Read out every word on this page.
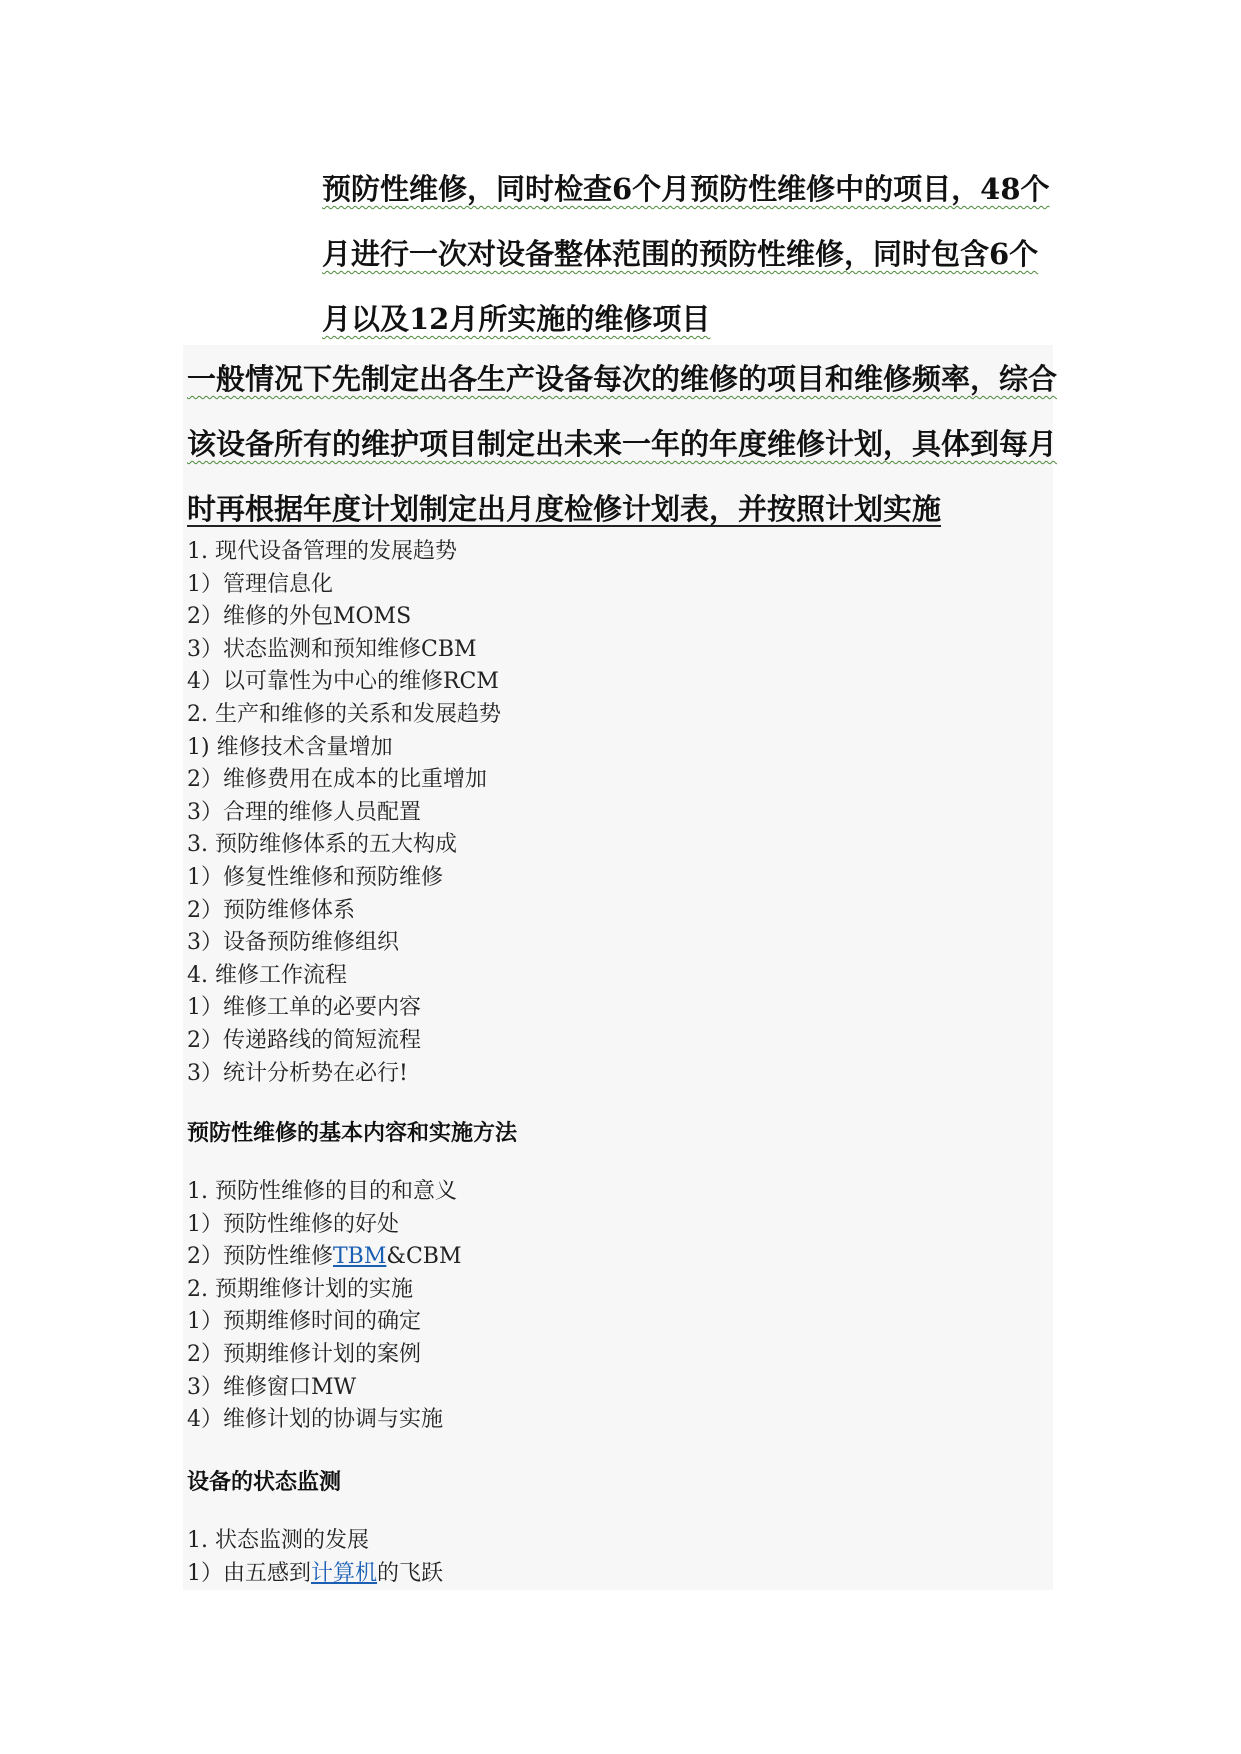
预防性维修，同时检查6个月预防性维修中的项目，48个
月进行一次对设备整体范围的预防性维修，同时包含6个
月以及12月所实施的维修项目
一般情况下先制定出各生产设备每次的维修的项目和维修频率，综合
该设备所有的维护项目制定出未来一年的年度维修计划，具体到每月
时再根据年度计划制定出月度检修计划表，并按照计划实施
1. 现代设备管理的发展趋势
1）管理信息化
2）维修的外包MOMS
3）状态监测和预知维修CBM
4）以可靠性为中心的维修RCM
2. 生产和维修的关系和发展趋势
1) 维修技术含量增加
2）维修费用在成本的比重增加
3）合理的维修人员配置
3. 预防维修体系的五大构成
1）修复性维修和预防维修
2）预防维修体系
3）设备预防维修组织
4. 维修工作流程
1）维修工单的必要内容
2）传递路线的简短流程
3）统计分析势在必行!
预防性维修的基本内容和实施方法
1. 预防性维修的目的和意义
1）预防性维修的好处
2）预防性维修TBM&CBM
2. 预期维修计划的实施
1）预期维修时间的确定
2）预期维修计划的案例
3）维修窗口MW
4）维修计划的协调与实施
设备的状态监测
1. 状态监测的发展
1）由五感到计算机的飞跃
